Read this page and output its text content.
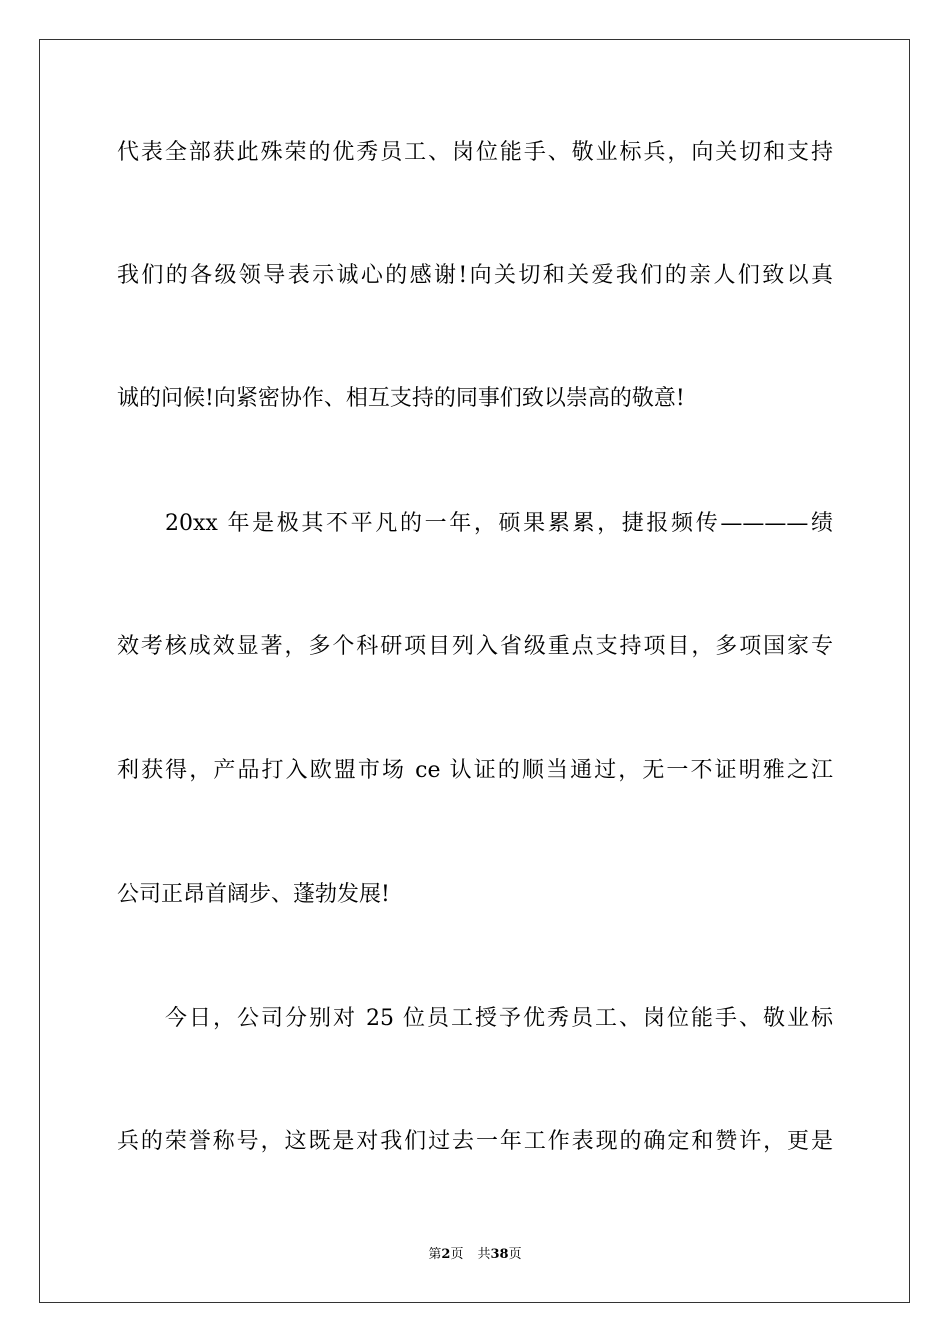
代表全部获此殊荣的优秀员工、岗位能手、敬业标兵，向关切和支持
我们的各级领导表示诚心的感谢!向关切和关爱我们的亲人们致以真
诚的问候!向紧密协作、相互支持的同事们致以崇高的敬意!
20xx 年是极其不平凡的一年，硕果累累，捷报频传————绩
效考核成效显著，多个科研项目列入省级重点支持项目，多项国家专
利获得，产品打入欧盟市场 ce 认证的顺当通过，无一不证明雅之江
公司正昂首阔步、蓬勃发展!
今日，公司分别对 25 位员工授予优秀员工、岗位能手、敬业标
兵的荣誉称号，这既是对我们过去一年工作表现的确定和赞许，更是
第2页 共38页
